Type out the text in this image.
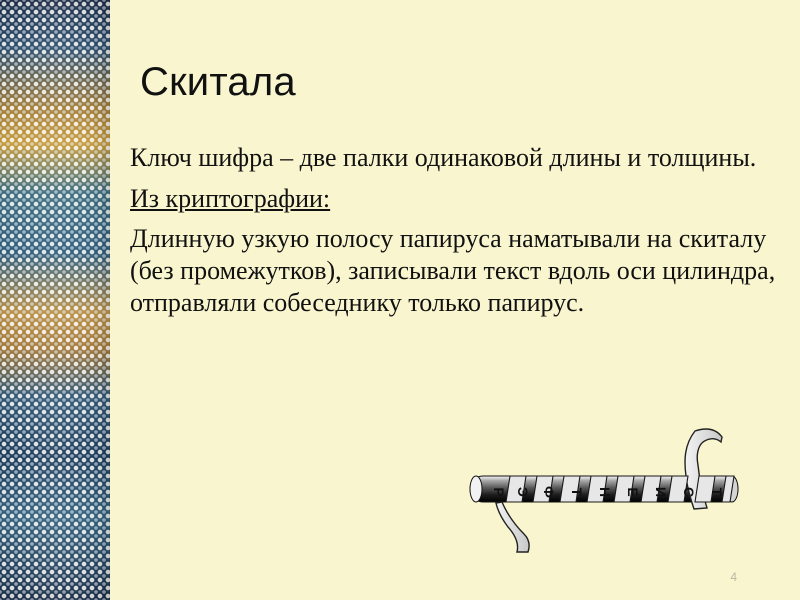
Скитала

Ключ шифра – две палки одинаковой длины и толщины.

Из криптографии:

Длинную узкую полосу папируса наматывали на скиталу (без промежутков), записывали текст вдоль оси цилиндра, отправляли собеседнику только папирус.

Т
С
И
Е
Н
Т
Ф
Э
Р
4
